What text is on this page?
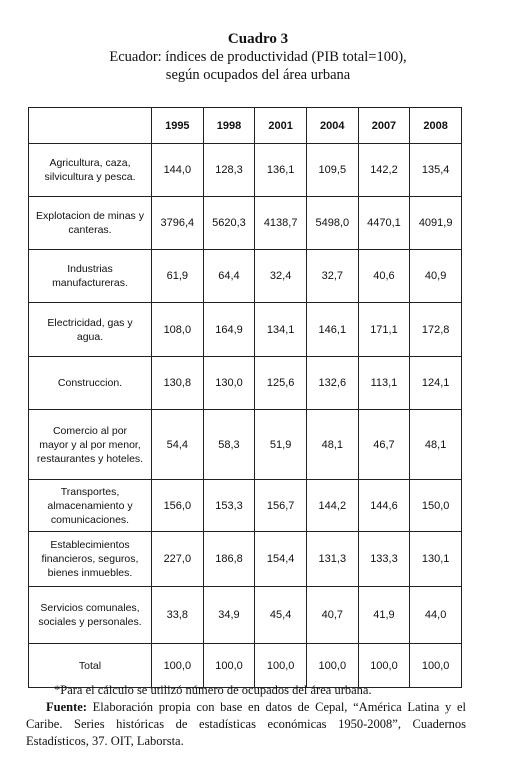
Cuadro 3
Ecuador: índices de productividad (PIB total=100),
según ocupados del área urbana
	1995	1998	2001	2004	2007	2008

Agricultura, caza,
silvicultura y pesca.	144,0	128,3	136,1	109,5	142,2	135,4

Explotacion de minas y
canteras.	3796,4	5620,3	4138,7	5498,0	4470,1	4091,9

Industrias
manufactureras.	61,9	64,4	32,4	32,7	40,6	40,9

Electricidad, gas y
agua.	108,0	164,9	134,1	146,1	171,1	172,8

Construccion.	130,8	130,0	125,6	132,6	113,1	124,1

Comercio al por
mayor y al por menor,
restaurantes y hoteles.	54,4	58,3	51,9	48,1	46,7	48,1

Transportes,
almacenamiento y
comunicaciones.	156,0	153,3	156,7	144,2	144,6	150,0

Establecimientos
financieros, seguros,
bienes inmuebles.	227,0	186,8	154,4	131,3	133,3	130,1

Servicios comunales,
sociales y personales.	33,8	34,9	45,4	40,7	41,9	44,0

Total	100,0	100,0	100,0	100,0	100,0	100,0

*Para el cálculo se utilizó número de ocupados del área urbana.

Fuente: Elaboración propia con base en datos de Cepal, “América Latina y el Caribe. Series históricas de estadísticas económicas 1950-2008”, Cuadernos Estadísticos, 37. OIT, Laborsta.
